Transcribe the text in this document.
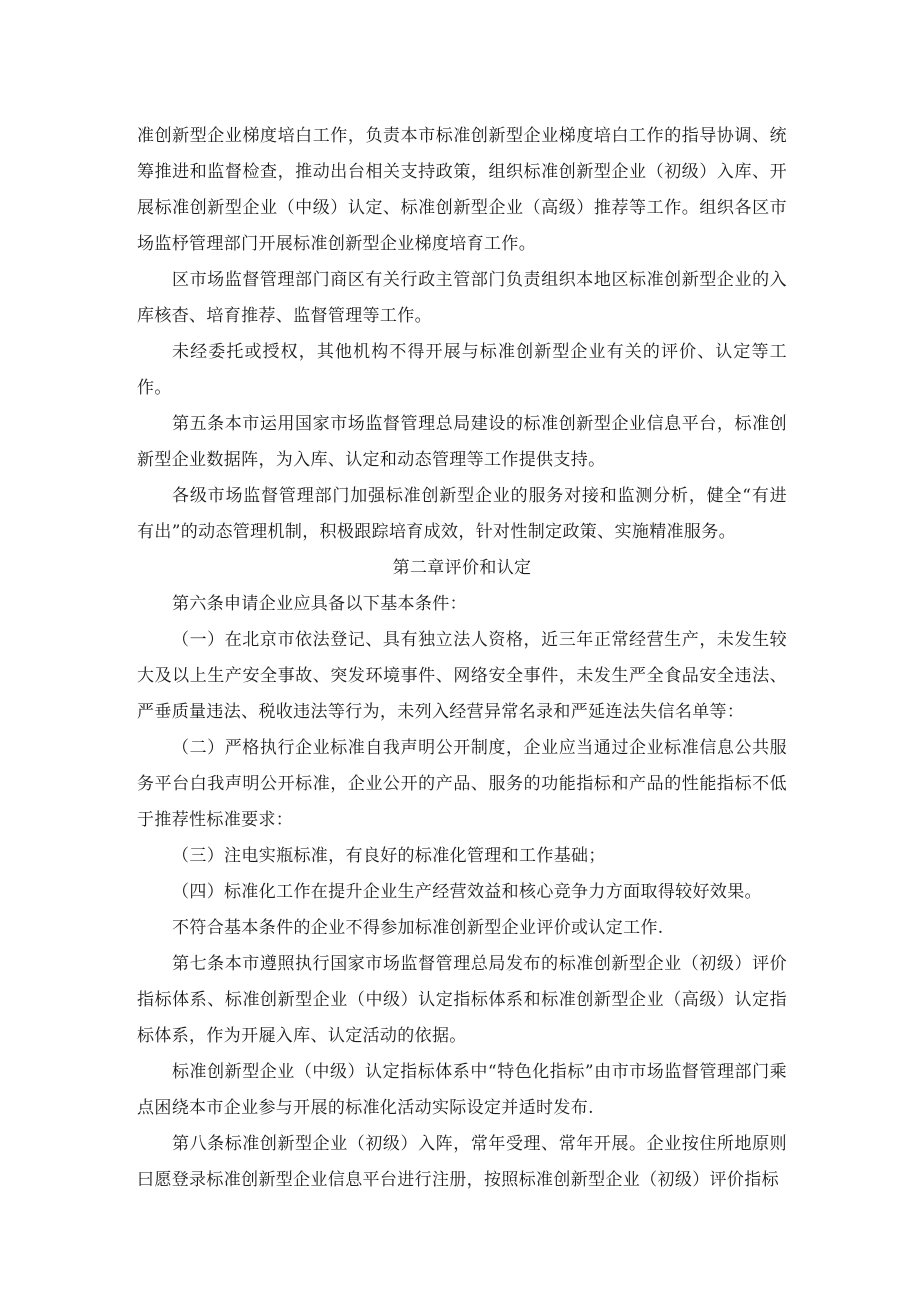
准创新型企业梯度培白工作，负责本市标准创新型企业梯度培白工作的指导协调、统筹推进和监督检查，推动出台相关支持政策，组织标准创新型企业（初级）入库、开展标准创新型企业（中级）认定、标准创新型企业（高级）推荐等工作。组织各区市场监杼管理部门开展标准创新型企业梯度培育工作。

区市场监督管理部门商区有关行政主管部门负责组织本地区标准创新型企业的入库核杳、培育推荐、监督管理等工作。

未经委托或授权，其他机构不得开展与标准创新型企业有关的评价、认定等工作。

第五条本市运用国家市场监督管理总局建设的标准创新型企业信息平台，标准创新型企业数据阵，为入库、认定和动态管理等工作提供支持。

各级市场监督管理部门加强标准创新型企业的服务对接和监测分析，健全“有进有出”的动态管理机制，积极跟踪培育成效，针对性制定政策、实施精准服务。

第二章评价和认定

第六条申请企业应具备以下基本条件：

（一）在北京市依法登记、具有独立法人资格，近三年正常经营生产，未发生较大及以上生产安全事故、突发环境事件、网络安全事件，未发生严全食品安全违法、严垂质量违法、税收违法等行为，未列入经营异常名录和严延连法失信名单等：

（二）严格执行企业标准自我声明公开制度，企业应当通过企业标准信息公共服务平台白我声明公开标准，企业公开的产品、服务的功能指标和产品的性能指标不低于推荐性标准要求：

（三）注电实瓶标准，有良好的标准化管理和工作基础；

（四）标准化工作在提升企业生产经营效益和核心竞争力方面取得较好效果。

不符合基本条件的企业不得参加标准创新型企业评价或认定工作.

第七条本市遵照执行国家市场监督管理总局发布的标准创新型企业（初级）评价指标体系、标准创新型企业（中级）认定指标体系和标准创新型企业（高级）认定指标体系，作为开屣入库、认定活动的依据。

标准创新型企业（中级）认定指标体系中“特色化指标”由市市场监督管理部门乘点困绕本市企业参与开展的标准化活动实际设定并适时发布.

第八条标准创新型企业（初级）入阵，常年受理、常年开展。企业按住所地原则曰愿登录标准创新型企业信息平台进行注册，按照标准创新型企业（初级）评价指标
